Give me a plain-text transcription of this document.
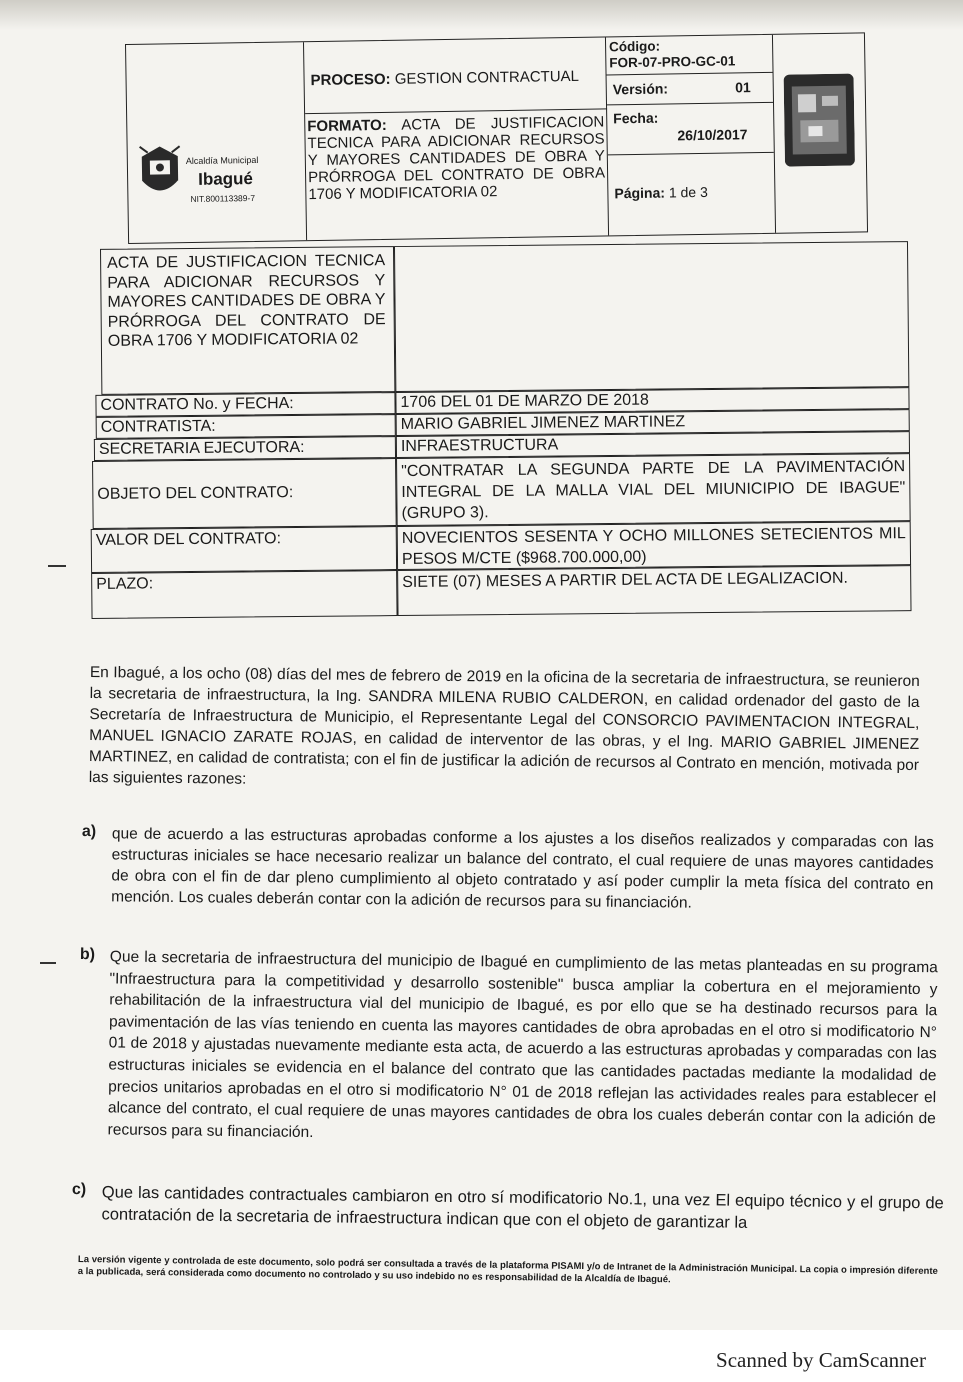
Alcaldía Municipal
Ibagué
NIT.800113389-7
PROCESO: GESTION CONTRACTUAL
FORMATO: ACTA DE JUSTIFICACION TECNICA PARA ADICIONAR RECURSOS Y MAYORES CANTIDADES DE OBRA Y PRÓRROGA DEL CONTRATO DE OBRA 1706 Y MODIFICATORIA 02
Código:
FOR-07-PRO-GC-01
Versión:	01
Fecha:
26/10/2017
Página: 1 de 3
ACTA DE JUSTIFICACION TECNICA PARA ADICIONAR RECURSOS Y MAYORES CANTIDADES DE OBRA Y PRÓRROGA DEL CONTRATO DE OBRA 1706 Y MODIFICATORIA 02
CONTRATO No. y FECHA:	1706 DEL 01 DE MARZO DE 2018
CONTRATISTA:	MARIO GABRIEL JIMENEZ MARTINEZ
SECRETARIA EJECUTORA:	INFRAESTRUCTURA
OBJETO DEL CONTRATO:
"CONTRATAR LA SEGUNDA PARTE DE LA PAVIMENTACIÓN INTEGRAL DE LA MALLA VIAL DEL MIUNICIPIO DE IBAGUE" (GRUPO 3).
VALOR DEL CONTRATO:	NOVECIENTOS SESENTA Y OCHO MILLONES SETECIENTOS MIL PESOS M/CTE ($968.700.000,00)
PLAZO:	SIETE (07) MESES A PARTIR DEL ACTA DE LEGALIZACION.

En Ibagué, a los ocho (08) días del mes de febrero de 2019 en la oficina de la secretaria de infraestructura, se reunieron la secretaria de infraestructura, la Ing. SANDRA MILENA RUBIO CALDERON, en calidad ordenador del gasto de la Secretaría de Infraestructura de Municipio, el Representante Legal del CONSORCIO PAVIMENTACION INTEGRAL, MANUEL IGNACIO ZARATE ROJAS, en calidad de interventor de las obras, y el Ing. MARIO GABRIEL JIMENEZ MARTINEZ, en calidad de contratista; con el fin de justificar la adición de recursos al Contrato en mención, motivada por las siguientes razones:

a) que de acuerdo a las estructuras aprobadas conforme a los ajustes a los diseños realizados y comparadas con las estructuras iniciales se hace necesario realizar un balance del contrato, el cual requiere de unas mayores cantidades de obra con el fin de dar pleno cumplimiento al objeto contratado y así poder cumplir la meta física del contrato en mención. Los cuales deberán contar con la adición de recursos para su financiación.

b) Que la secretaria de infraestructura del municipio de Ibagué en cumplimiento de las metas planteadas en su programa "Infraestructura para la competitividad y desarrollo sostenible" busca ampliar la cobertura en el mejoramiento y rehabilitación de la infraestructura vial del municipio de Ibagué, es por ello que se ha destinado recursos para la pavimentación de las vías teniendo en cuenta las mayores cantidades de obra aprobadas en el otro si modificatorio N° 01 de 2018 y ajustadas nuevamente mediante esta acta, de acuerdo a las estructuras aprobadas y comparadas con las estructuras iniciales se evidencia en el balance del contrato que las cantidades pactadas mediante la modalidad de precios unitarios aprobadas en el otro si modificatorio N° 01 de 2018 reflejan las actividades reales para establecer el alcance del contrato, el cual requiere de unas mayores cantidades de obra los cuales deberán contar con la adición de recursos para su financiación.

c) Que las cantidades contractuales cambiaron en otro sí modificatorio No.1, una vez El equipo técnico y el grupo de contratación de la secretaria de infraestructura indican que con el objeto de garantizar la

La versión vigente y controlada de este documento, solo podrá ser consultada a través de la plataforma PISAMI y/o de Intranet de la Administración Municipal. La copia o impresión diferente a la publicada, será considerada como documento no controlado y su uso indebido no es responsabilidad de la Alcaldía de Ibagué.
Scanned by CamScanner
